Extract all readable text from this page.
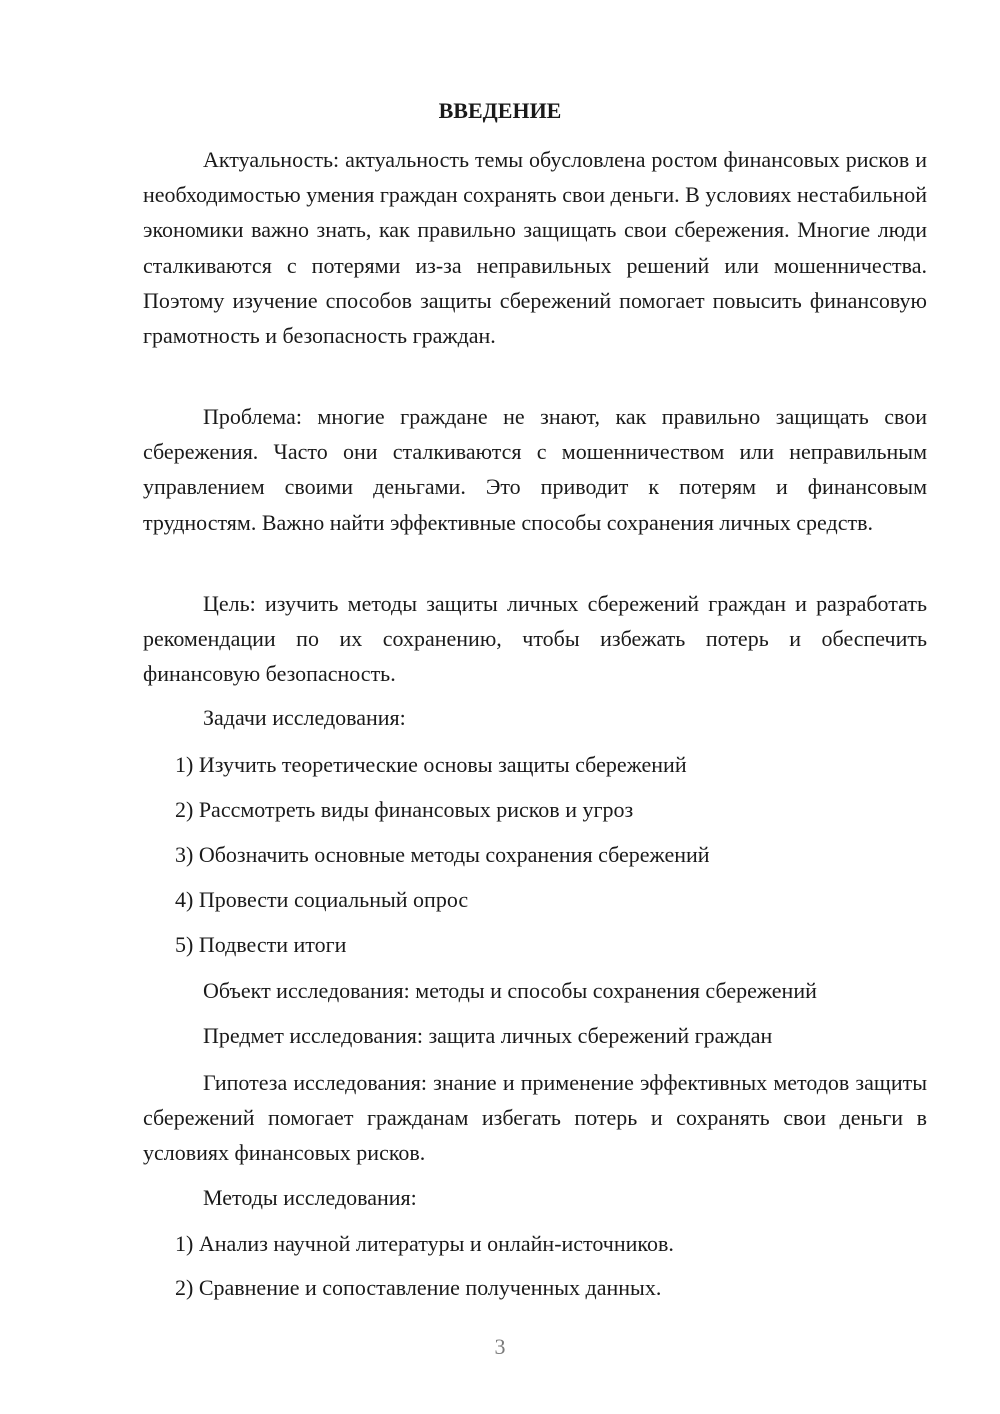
ВВЕДЕНИЕ

Актуальность: актуальность темы обусловлена ростом финансовых рисков и необходимостью умения граждан сохранять свои деньги. В условиях нестабильной экономики важно знать, как правильно защищать свои сбережения. Многие люди сталкиваются с потерями из-за неправильных решений или мошенничества. Поэтому изучение способов защиты сбережений помогает повысить финансовую грамотность и безопасность граждан.

Проблема: многие граждане не знают, как правильно защищать свои сбережения. Часто они сталкиваются с мошенничеством или неправильным управлением своими деньгами. Это приводит к потерям и финансовым трудностям. Важно найти эффективные способы сохранения личных средств.

Цель: изучить методы защиты личных сбережений граждан и разработать рекомендации по их сохранению, чтобы избежать потерь и обеспечить финансовую безопасность.

Задачи исследования:
1) Изучить теоретические основы защиты сбережений
2) Рассмотреть виды финансовых рисков и угроз
3) Обозначить основные методы сохранения сбережений
4) Провести социальный опрос
5) Подвести итоги
Объект исследования: методы и способы сохранения сбережений
Предмет исследования: защита личных сбережений граждан

Гипотеза исследования: знание и применение эффективных методов защиты сбережений помогает гражданам избегать потерь и сохранять свои деньги в условиях финансовых рисков.

Методы исследования:
1) Анализ научной литературы и онлайн-источников.
2) Сравнение и сопоставление полученных данных.
3
